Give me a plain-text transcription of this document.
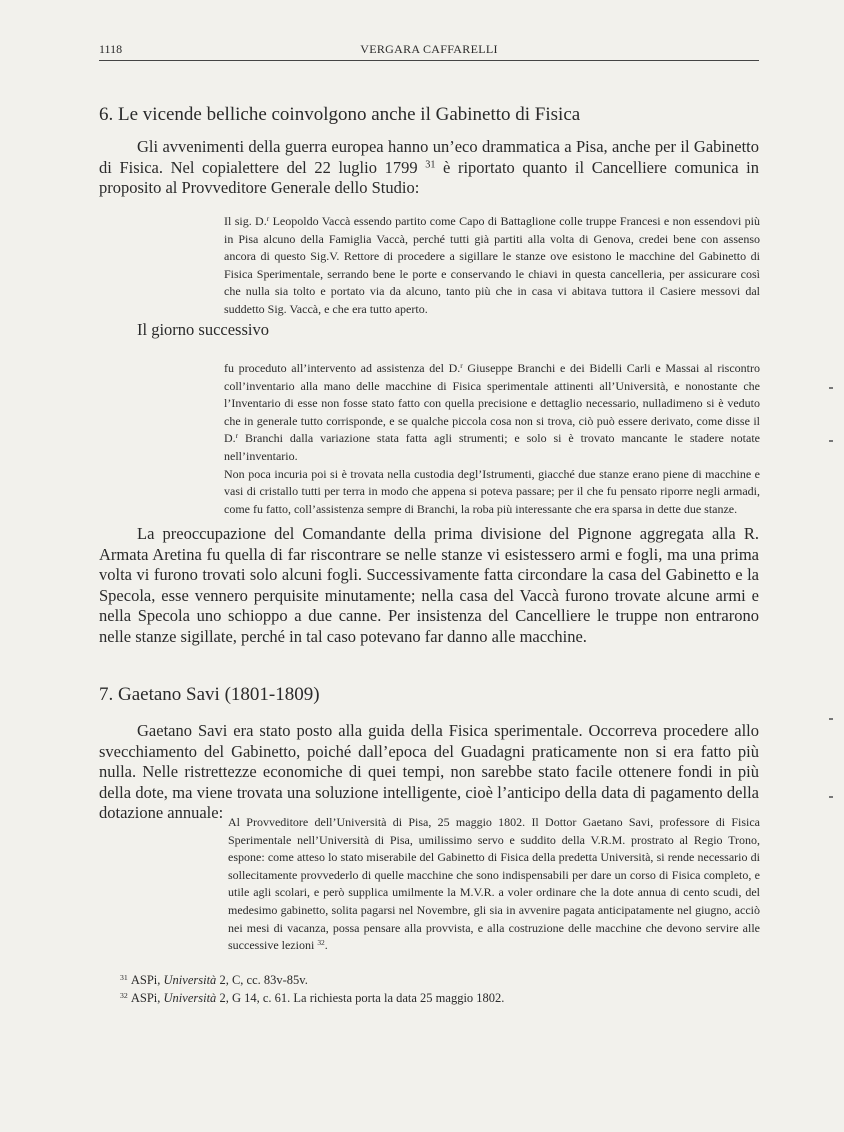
1118	VERGARA CAFFARELLI
6. Le vicende belliche coinvolgono anche il Gabinetto di Fisica

Gli avvenimenti della guerra europea hanno un’eco drammatica a Pisa, anche per il Gabinetto di Fisica. Nel copialettere del 22 luglio 1799 $^{31}$ è riportato quanto il Cancelliere comunica in proposito al Provveditore Generale dello Studio:

Il sig. D.$^r$ Leopoldo Vaccà essendo partito come Capo di Battaglione colle truppe Francesi e non essendovi più in Pisa alcuno della Famiglia Vaccà, perché tutti già partiti alla volta di Genova, credei bene con assenso ancora di questo Sig.V. Rettore di procedere a sigillare le stanze ove esistono le macchine del Gabinetto di Fisica Sperimentale, serrando bene le porte e conservando le chiavi in questa cancelleria, per assicurare così che nulla sia tolto e portato via da alcuno, tanto più che in casa vi abitava tuttora il Casiere messovi dal suddetto Sig. Vaccà, e che era tutto aperto.

Il giorno successivo

fu proceduto all’intervento ad assistenza del D.$^r$ Giuseppe Branchi e dei Bidelli Carli e Massai al riscontro coll’inventario alla mano delle macchine di Fisica sperimentale attinenti all’Università, e nonostante che l’Inventario di esse non fosse stato fatto con quella precisione e dettaglio necessario, nulladimeno si è veduto che in generale tutto corrisponde, e se qualche piccola cosa non si trova, ciò può essere derivato, come disse il D.$^r$ Branchi dalla variazione stata fatta agli strumenti; e solo si è trovato mancante le stadere notate nell’inventario.

Non poca incuria poi si è trovata nella custodia degl’Istrumenti, giacché due stanze erano piene di macchine e vasi di cristallo tutti per terra in modo che appena si poteva passare; per il che fu pensato riporre negli armadi, come fu fatto, coll’assistenza sempre di Branchi, la roba più interessante che era sparsa in dette due stanze.

La preoccupazione del Comandante della prima divisione del Pignone aggregata alla R. Armata Aretina fu quella di far riscontrare se nelle stanze vi esistessero armi e fogli, ma una prima volta vi furono trovati solo alcuni fogli. Successivamente fatta circondare la casa del Gabinetto e la Specola, esse vennero perquisite minutamente; nella casa del Vaccà furono trovate alcune armi e nella Specola uno schioppo a due canne. Per insistenza del Cancelliere le truppe non entrarono nelle stanze sigillate, perché in tal caso potevano far danno alle macchine.

7. Gaetano Savi (1801-1809)

Gaetano Savi era stato posto alla guida della Fisica sperimentale. Occorreva procedere allo svecchiamento del Gabinetto, poiché dall’epoca del Guadagni praticamente non si era fatto più nulla. Nelle ristrettezze economiche di quei tempi, non sarebbe stato facile ottenere fondi in più della dote, ma viene trovata una soluzione intelligente, cioè l’anticipo della data di pagamento della dotazione annuale: Al Provveditore dell’Università di Pisa, 25 maggio 1802. Il Dottor Gaetano Savi, professore di Fisica Sperimentale nell’Università di Pisa, umilissimo servo e suddito della V.R.M. prostrato al Regio Trono, espone: come atteso lo stato miserabile del Gabinetto di Fisica della predetta Università, si rende necessario di sollecitamente provvederlo di quelle macchine che sono indispensabili per dare un corso di Fisica completo, e utile agli scolari, e però supplica umilmente la M.V.R. a voler ordinare che la dote annua di cento scudi, del medesimo gabinetto, solita pagarsi nel Novembre, gli sia in avvenire pagata anticipatamente nel giugno, acciò nei mesi di vacanza, possa pensare alla provvista, e alla costruzione delle macchine che devono servire alle successive lezioni $^{32}$.

$^{31}$ ASPi, Università 2, C, cc. 83v-85v.

$^{32}$ ASPi, Università 2, G 14, c. 61. La richiesta porta la data 25 maggio 1802.
